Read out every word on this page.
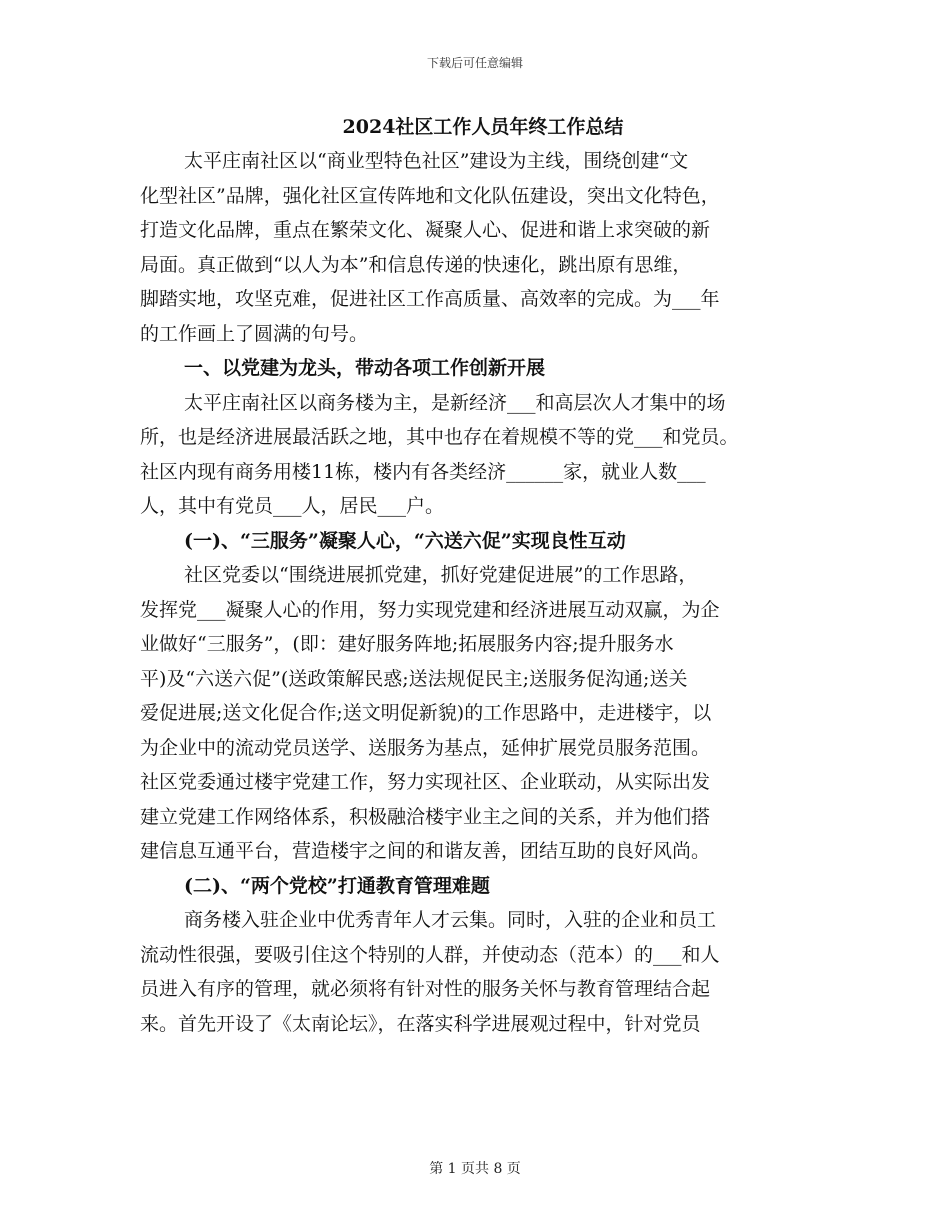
下载后可任意编辑
2024社区工作人员年终工作总结
太平庄南社区以“商业型特色社区”建设为主线，围绕创建“文
化型社区”品牌，强化社区宣传阵地和文化队伍建设，突出文化特色，
打造文化品牌，重点在繁荣文化、凝聚人心、促进和谐上求突破的新
局面。真正做到“以人为本”和信息传递的快速化，跳出原有思维，
脚踏实地，攻坚克难，促进社区工作高质量、高效率的完成。为___年
的工作画上了圆满的句号。
一、以党建为龙头，带动各项工作创新开展
太平庄南社区以商务楼为主，是新经济___和高层次人才集中的场
所，也是经济进展最活跃之地，其中也存在着规模不等的党___和党员。
社区内现有商务用楼11栋，楼内有各类经济______家，就业人数___
人，其中有党员___人，居民___户。
(一)、“三服务”凝聚人心，“六送六促”实现良性互动
社区党委以“围绕进展抓党建，抓好党建促进展”的工作思路，
发挥党___凝聚人心的作用，努力实现党建和经济进展互动双赢，为企
业做好“三服务”，(即：建好服务阵地;拓展服务内容;提升服务水
平)及“六送六促”(送政策解民惑;送法规促民主;送服务促沟通;送关
爱促进展;送文化促合作;送文明促新貌)的工作思路中，走进楼宇，以
为企业中的流动党员送学、送服务为基点，延伸扩展党员服务范围。
社区党委通过楼宇党建工作，努力实现社区、企业联动，从实际出发
建立党建工作网络体系，积极融洽楼宇业主之间的关系，并为他们搭
建信息互通平台，营造楼宇之间的和谐友善，团结互助的良好风尚。
(二)、“两个党校”打通教育管理难题
商务楼入驻企业中优秀青年人才云集。同时，入驻的企业和员工
流动性很强，要吸引住这个特别的人群，并使动态（范本）的___和人
员进入有序的管理，就必须将有针对性的服务关怀与教育管理结合起
来。首先开设了《太南论坛》，在落实科学进展观过程中，针对党员
第 1 页共 8 页
